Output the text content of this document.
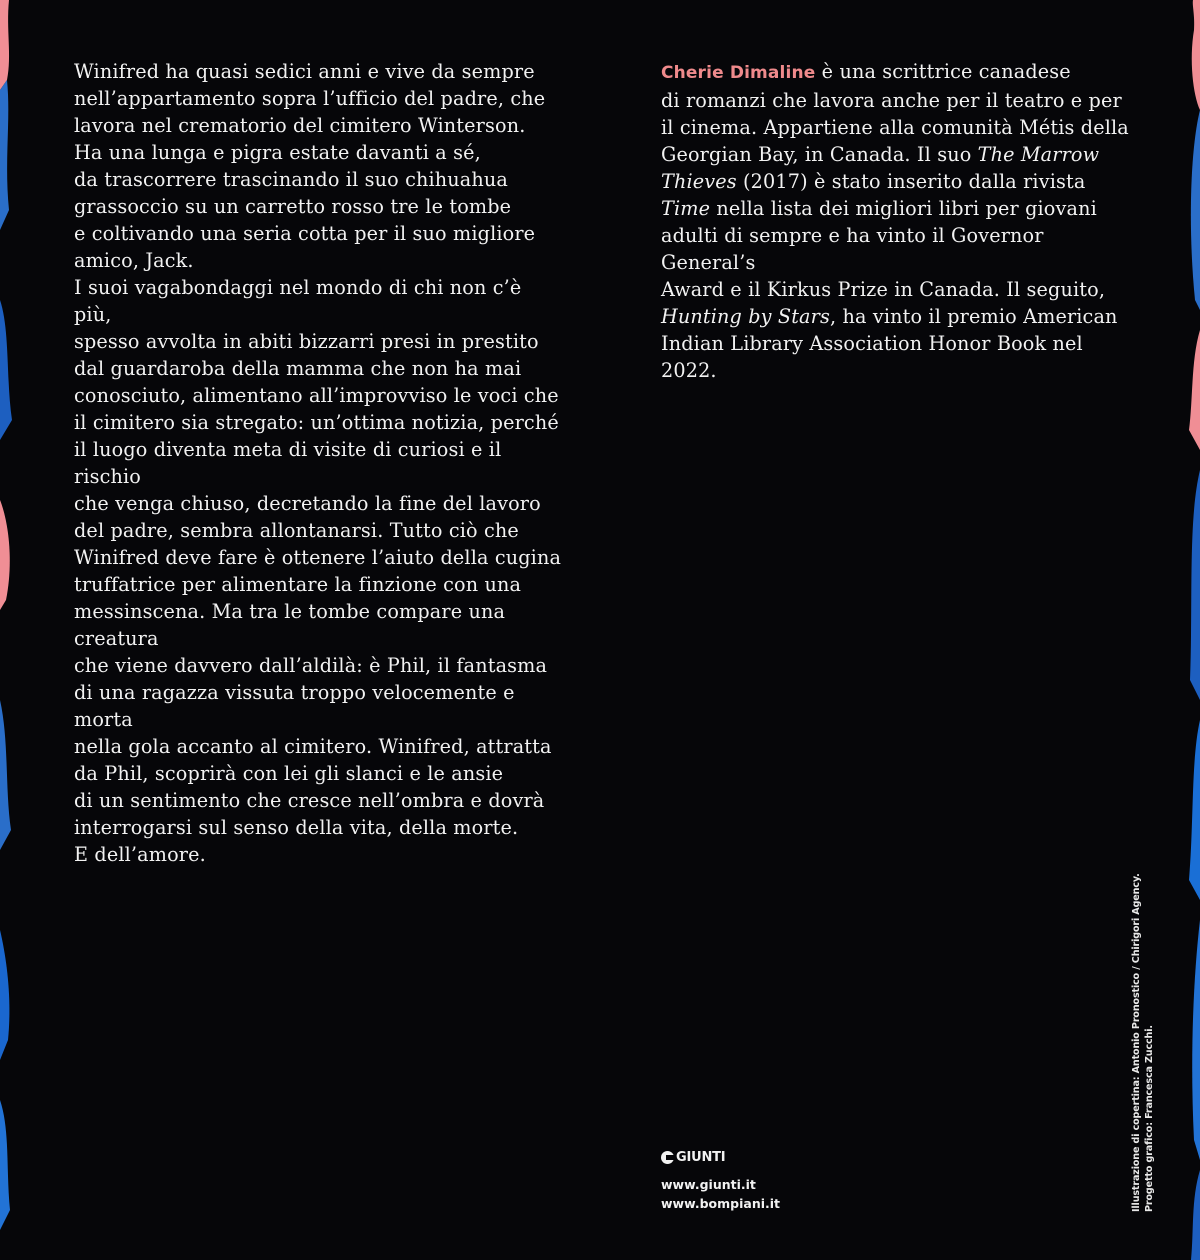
Winifred ha quasi sedici anni e vive da sempre

nell’appartamento sopra l’ufficio del padre, che

lavora nel crematorio del cimitero Winterson.

Ha una lunga e pigra estate davanti a sé,

da trascorrere trascinando il suo chihuahua

grassoccio su un carretto rosso tre le tombe

e coltivando una seria cotta per il suo migliore

amico, Jack.

I suoi vagabondaggi nel mondo di chi non c’è più,

spesso avvolta in abiti bizzarri presi in prestito

dal guardaroba della mamma che non ha mai

conosciuto, alimentano all’improvviso le voci che

il cimitero sia stregato: un’ottima notizia, perché

il luogo diventa meta di visite di curiosi e il rischio

che venga chiuso, decretando la fine del lavoro

del padre, sembra allontanarsi. Tutto ciò che

Winifred deve fare è ottenere l’aiuto della cugina

truffatrice per alimentare la finzione con una

messinscena. Ma tra le tombe compare una creatura

che viene davvero dall’aldilà: è Phil, il fantasma

di una ragazza vissuta troppo velocemente e morta

nella gola accanto al cimitero. Winifred, attratta

da Phil, scoprirà con lei gli slanci e le ansie

di un sentimento che cresce nell’ombra e dovrà

interrogarsi sul senso della vita, della morte.

E dell’amore.

Cherie Dimaline è una scrittrice canadese

di romanzi che lavora anche per il teatro e per

il cinema. Appartiene alla comunità Métis della

Georgian Bay, in Canada. Il suo The Marrow

Thieves (2017) è stato inserito dalla rivista

Time nella lista dei migliori libri per giovani

adulti di sempre e ha vinto il Governor General’s

Award e il Kirkus Prize in Canada. Il seguito,

Hunting by Stars, ha vinto il premio American

Indian Library Association Honor Book nel 2022.

GIUNTI
www.giunti.it
www.bompiani.it	Illustrazione di copertina: Antonio Pronostico / Chirigori Agency. Progetto grafico: Francesca Zucchi.
